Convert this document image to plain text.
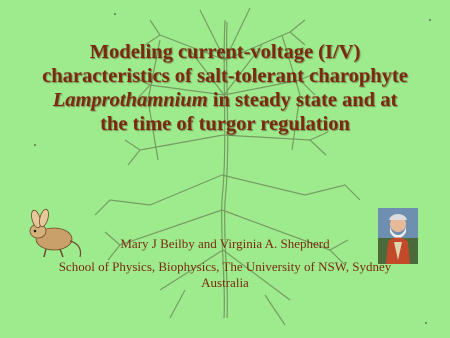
Modeling current-voltage (I/V) characteristics of salt-tolerant charophyte Lamprothamnium in steady state and at the time of turgor regulation
Mary J Beilby and Virginia A. Shepherd
School of Physics, Biophysics, The University of NSW, Sydney Australia
